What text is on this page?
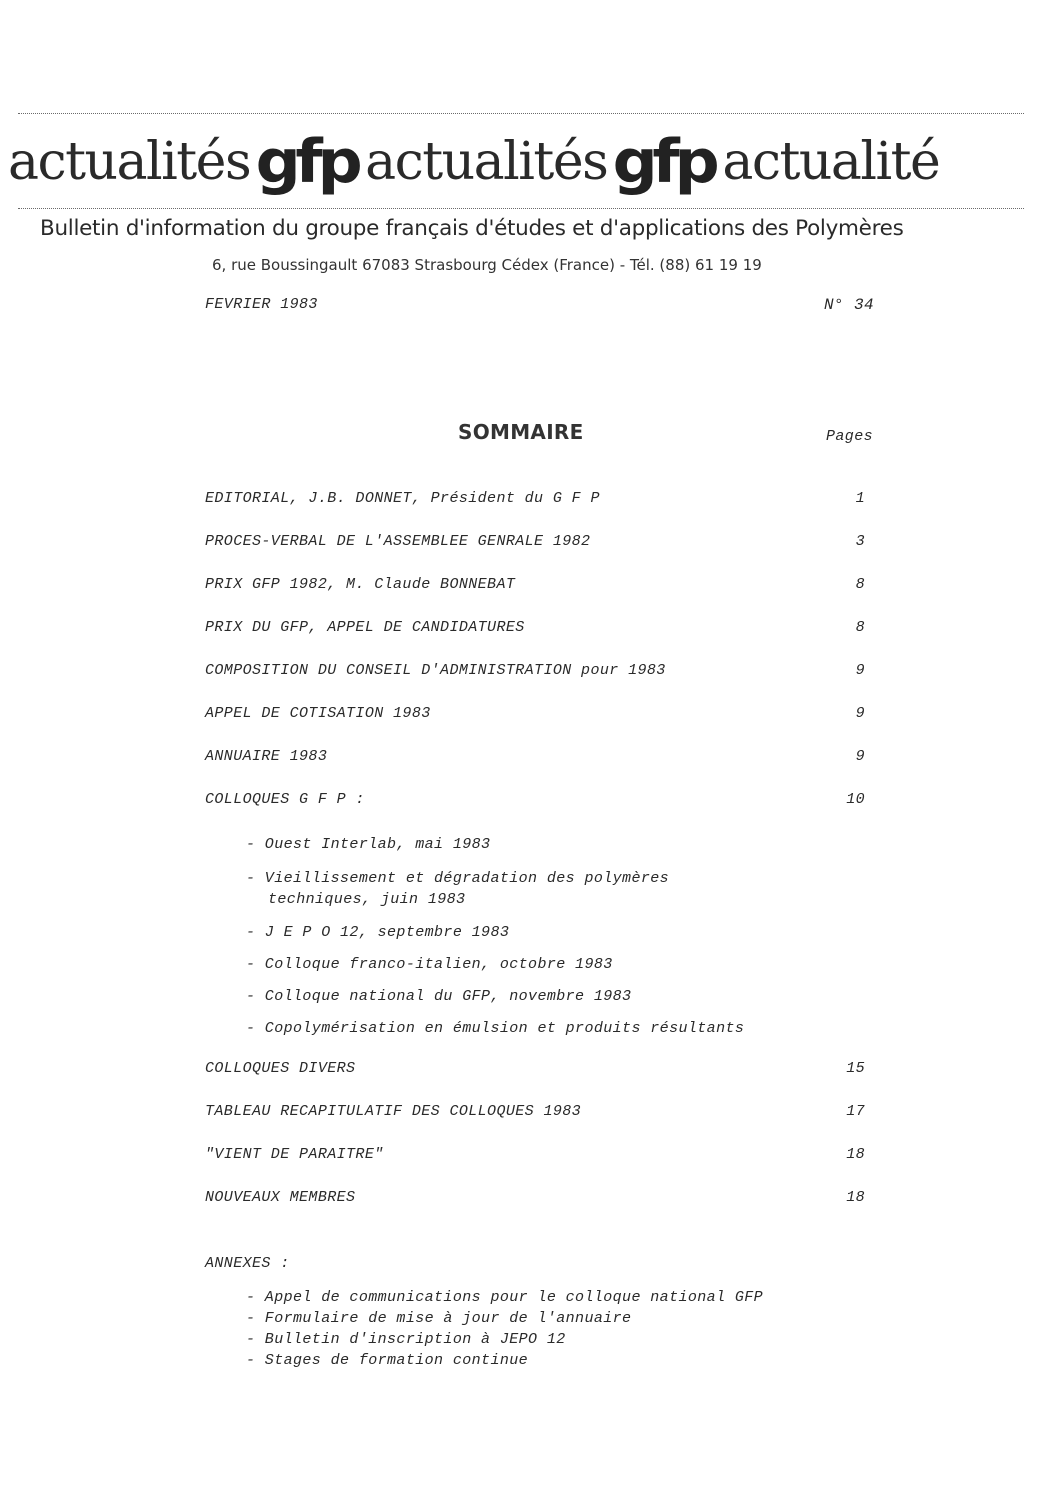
actualités gfp actualités gfp actualité
Bulletin d'information du groupe français d'études et d'applications des Polymères
6, rue Boussingault 67083 Strasbourg Cédex (France) - Tél. (88) 61 19 19
FEVRIER 1983	N° 34
SOMMAIRE	Pages
EDITORIAL, J.B. DONNET, Président du G F P	1
PROCES-VERBAL DE L'ASSEMBLEE GENRALE 1982	3
PRIX GFP 1982, M. Claude BONNEBAT	8
PRIX DU GFP, APPEL DE CANDIDATURES	8
COMPOSITION DU CONSEIL D'ADMINISTRATION pour 1983	9
APPEL DE COTISATION 1983	9
ANNUAIRE 1983	9
COLLOQUES G F P :	10
- Ouest Interlab, mai 1983
- Vieillissement et dégradation des polymères
techniques, juin 1983
- J E P O 12, septembre 1983
- Colloque franco-italien, octobre 1983
- Colloque national du GFP, novembre 1983
- Copolymérisation en émulsion et produits résultants
COLLOQUES DIVERS	15
TABLEAU RECAPITULATIF DES COLLOQUES 1983	17
"VIENT DE PARAITRE"	18
NOUVEAUX MEMBRES	18
ANNEXES :
- Appel de communications pour le colloque national GFP
- Formulaire de mise à jour de l'annuaire
- Bulletin d'inscription à JEPO 12
- Stages de formation continue
